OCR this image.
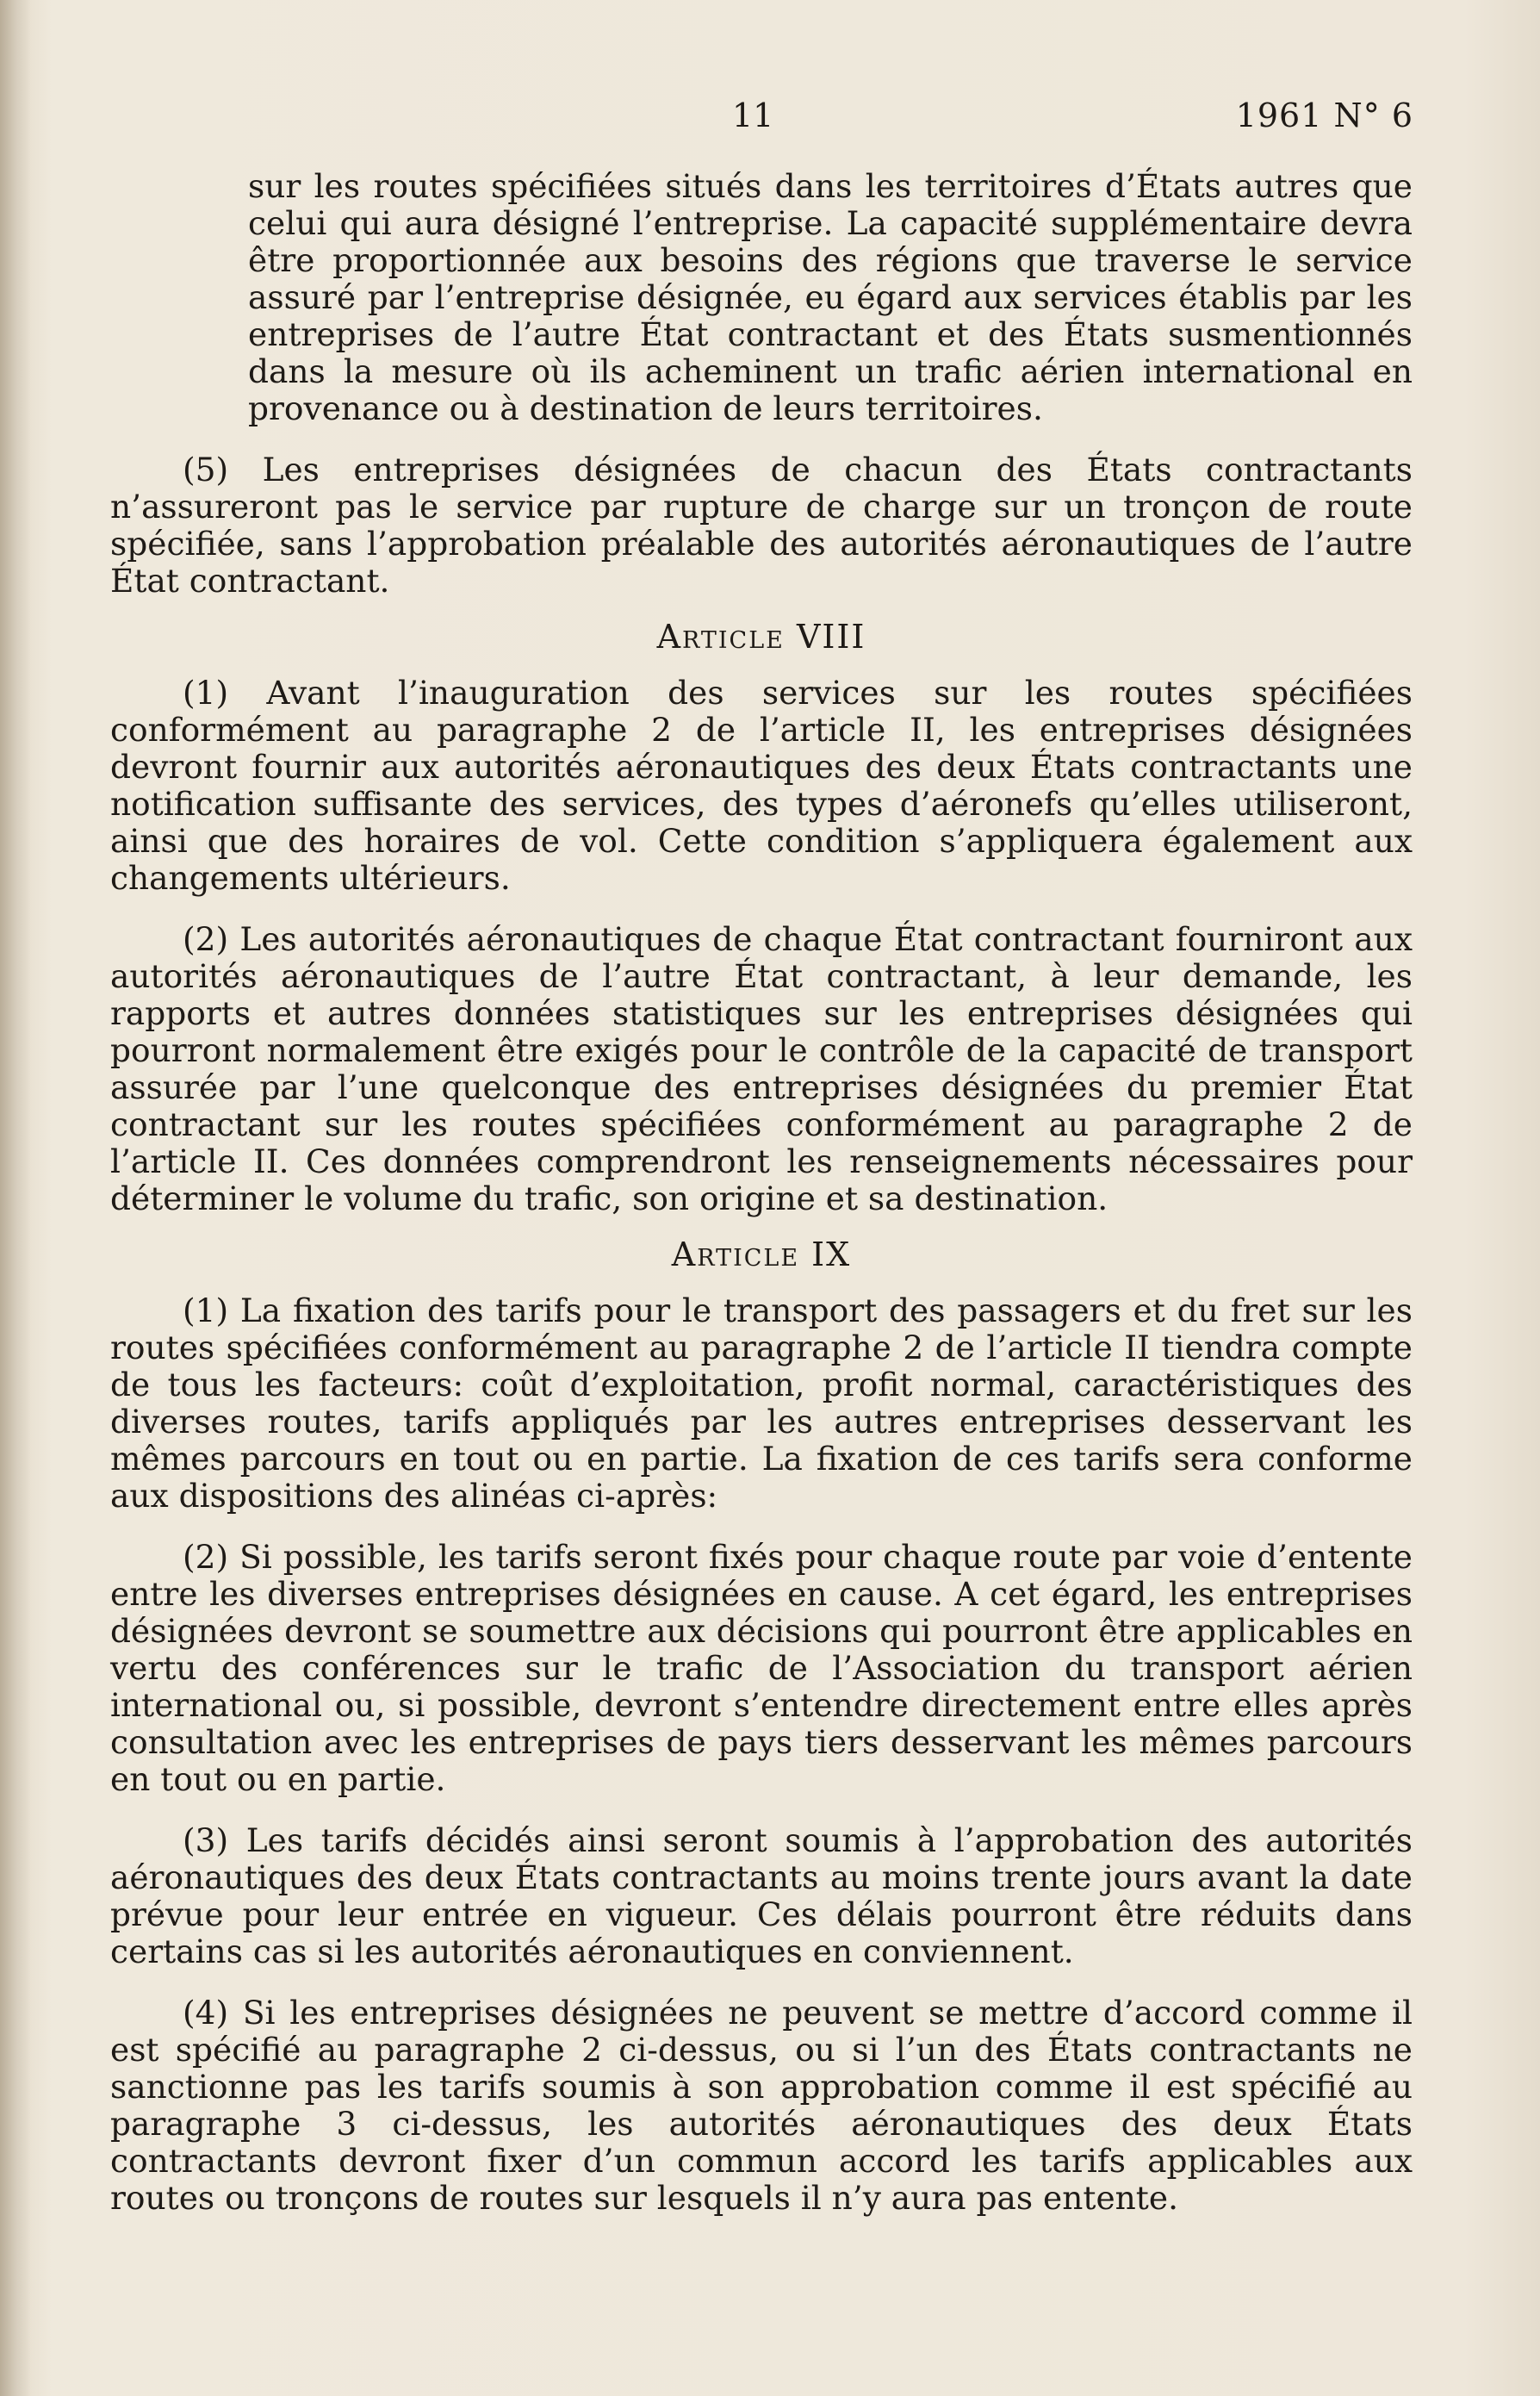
11	1961 N° 6

sur les routes spécifiées situés dans les territoires d’États autres que celui qui aura désigné l’entreprise. La capacité supplémentaire devra être proportionnée aux besoins des régions que traverse le service assuré par l’entreprise désignée, eu égard aux services établis par les entreprises de l’autre État contractant et des États susmentionnés dans la mesure où ils acheminent un trafic aérien international en provenance ou à destination de leurs territoires.

(5) Les entreprises désignées de chacun des États contractants n’assureront pas le service par rupture de charge sur un tronçon de route spécifiée, sans l’approbation préalable des autorités aéronautiques de l’autre État contractant.

Article VIII

(1) Avant l’inauguration des services sur les routes spécifiées conformément au paragraphe 2 de l’article II, les entreprises désignées devront fournir aux autorités aéronautiques des deux États contractants une notification suffisante des services, des types d’aéronefs qu’elles utiliseront, ainsi que des horaires de vol. Cette condition s’appliquera également aux changements ultérieurs.

(2) Les autorités aéronautiques de chaque État contractant fourniront aux autorités aéronautiques de l’autre État contractant, à leur demande, les rapports et autres données statistiques sur les entreprises désignées qui pourront normalement être exigés pour le contrôle de la capacité de transport assurée par l’une quelconque des entreprises désignées du premier État contractant sur les routes spécifiées conformément au paragraphe 2 de l’article II. Ces données comprendront les renseignements nécessaires pour déterminer le volume du trafic, son origine et sa destination.

Article IX

(1) La fixation des tarifs pour le transport des passagers et du fret sur les routes spécifiées conformément au paragraphe 2 de l’article II tiendra compte de tous les facteurs: coût d’exploitation, profit normal, caractéristiques des diverses routes, tarifs appliqués par les autres entreprises desservant les mêmes parcours en tout ou en partie. La fixation de ces tarifs sera conforme aux dispositions des alinéas ci-après:

(2) Si possible, les tarifs seront fixés pour chaque route par voie d’entente entre les diverses entreprises désignées en cause. A cet égard, les entreprises désignées devront se soumettre aux décisions qui pourront être applicables en vertu des conférences sur le trafic de l’Association du transport aérien international ou, si possible, devront s’entendre directement entre elles après consultation avec les entreprises de pays tiers desservant les mêmes parcours en tout ou en partie.

(3) Les tarifs décidés ainsi seront soumis à l’approbation des autorités aéronautiques des deux États contractants au moins trente jours avant la date prévue pour leur entrée en vigueur. Ces délais pourront être réduits dans certains cas si les autorités aéronautiques en conviennent.

(4) Si les entreprises désignées ne peuvent se mettre d’accord comme il est spécifié au paragraphe 2 ci-dessus, ou si l’un des États contractants ne sanctionne pas les tarifs soumis à son approbation comme il est spécifié au paragraphe 3 ci-dessus, les autorités aéronautiques des deux États contractants devront fixer d’un commun accord les tarifs applicables aux routes ou tronçons de routes sur lesquels il n’y aura pas entente.
